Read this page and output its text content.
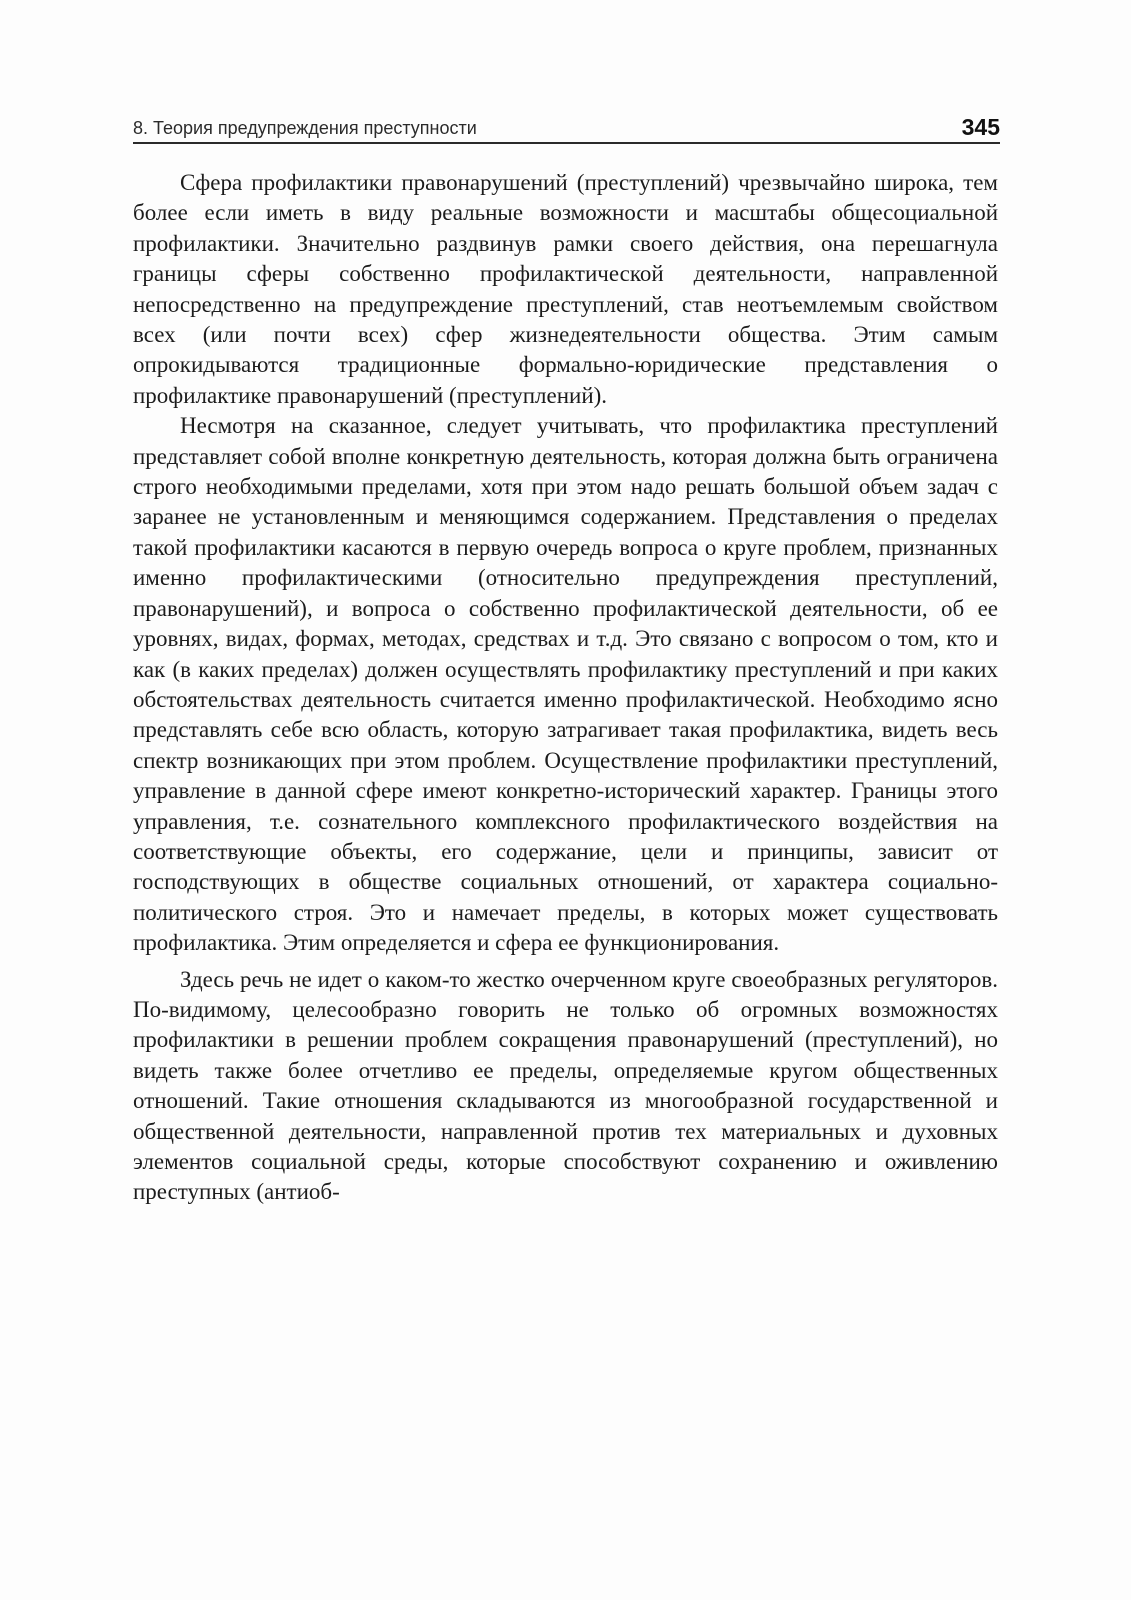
8. Теория предупреждения преступности	345

Сфера профилактики правонарушений (преступлений) чрезвычайно широка, тем более если иметь в виду реальные возможности и масштабы общесоциальной профилактики. Значительно раздвинув рамки своего действия, она перешагнула границы сферы собственно профилактической деятельности, направленной непосредственно на предупреждение преступлений, став неотъемлемым свойством всех (или почти всех) сфер жизнедеятельности общества. Этим самым опрокидываются традиционные формально-юридические представления о профилактике правонарушений (преступлений).

Несмотря на сказанное, следует учитывать, что профилактика преступлений представляет собой вполне конкретную деятельность, которая должна быть ограничена строго необходимыми пределами, хотя при этом надо решать большой объем задач с заранее не установленным и меняющимся содержанием. Представления о пределах такой профилактики касаются в первую очередь вопроса о круге проблем, признанных именно профилактическими (относительно предупреждения преступлений, правонарушений), и вопроса о собственно профилактической деятельности, об ее уровнях, видах, формах, методах, средствах и т.д. Это связано с вопросом о том, кто и как (в каких пределах) должен осуществлять профилактику преступлений и при каких обстоятельствах деятельность считается именно профилактической. Необходимо ясно представлять себе всю область, которую затрагивает такая профилактика, видеть весь спектр возникающих при этом проблем. Осуществление профилактики преступлений, управление в данной сфере имеют конкретно-исторический характер. Границы этого управления, т.е. сознательного комплексного профилактического воздействия на соответствующие объекты, его содержание, цели и принципы, зависит от господствующих в обществе социальных отношений, от характера социально-политического строя. Это и намечает пределы, в которых может существовать профилактика. Этим определяется и сфера ее функционирования.

Здесь речь не идет о каком-то жестко очерченном круге своеобразных регуляторов. По-видимому, целесообразно говорить не только об огромных возможностях профилактики в решении проблем сокращения правонарушений (преступлений), но видеть также более отчетливо ее пределы, определяемые кругом общественных отношений. Такие отношения складываются из многообразной государственной и общественной деятельности, направленной против тех материальных и духовных элементов социальной среды, которые способствуют сохранению и оживлению преступных (антиоб-
